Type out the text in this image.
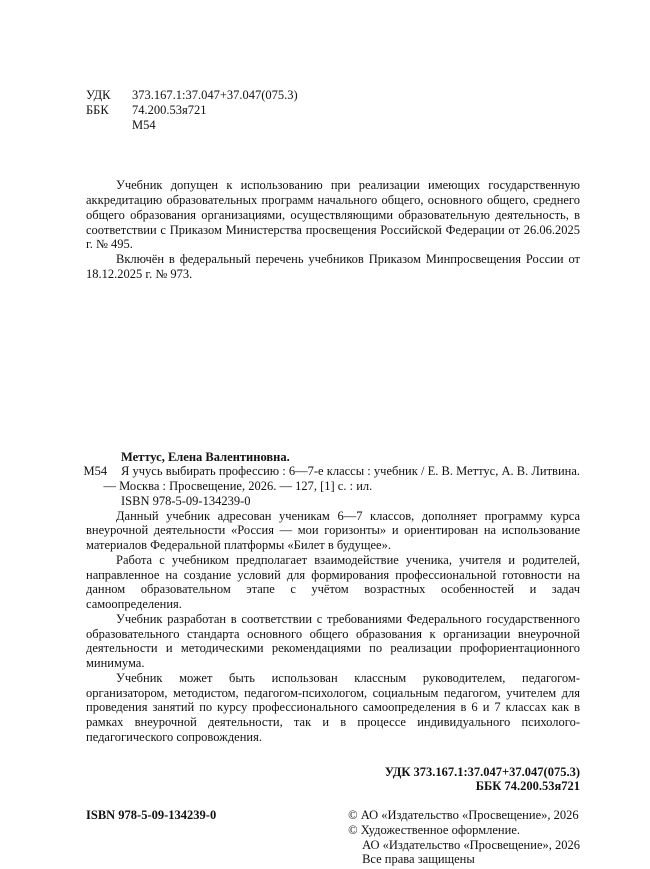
УДК 373.167.1:37.047+37.047(075.3)
ББК 74.200.53я721
М54

Учебник допущен к использованию при реализации имеющих государственную аккредитацию образовательных программ начального общего, основного общего, среднего общего образования организациями, осуществляющими образовательную деятельность, в соответствии с Приказом Министерства просвещения Российской Федерации от 26.06.2025 г. № 495.

Включён в федеральный перечень учебников Приказом Минпросвещения России от 18.12.2025 г. № 973.

Меттус, Елена Валентиновна.

М54	Я учусь выбирать профессию : 6—7-е классы : учебник / Е. В. Меттус, А. В. Литвина. — Москва : Просвещение, 2026. — 127, [1] с. : ил.

ISBN 978-5-09-134239-0

Данный учебник адресован ученикам 6—7 классов, дополняет программу курса внеурочной деятельности «Россия — мои горизонты» и ориентирован на использование материалов Федеральной платформы «Билет в будущее».

Работа с учебником предполагает взаимодействие ученика, учителя и родителей, направленное на создание условий для формирования профессиональной готовности на данном образовательном этапе с учётом возрастных особенностей и задач самоопределения.

Учебник разработан в соответствии с требованиями Федерального государственного образовательного стандарта основного общего образования к организации внеурочной деятельности и методическими рекомендациями по реализации профориентационного минимума.

Учебник может быть использован классным руководителем, педагогом-организатором, методистом, педагогом-психологом, социальным педагогом, учителем для проведения занятий по курсу профессионального самоопределения в 6 и 7 классах как в рамках внеурочной деятельности, так и в процессе индивидуального психолого-педагогического сопровождения.

УДК 373.167.1:37.047+37.047(075.3)

ББК 74.200.53я721

ISBN 978-5-09-134239-0	© АО «Издательство «Просвещение», 2026

© Художественное оформление.

АО «Издательство «Просвещение», 2026

Все права защищены
